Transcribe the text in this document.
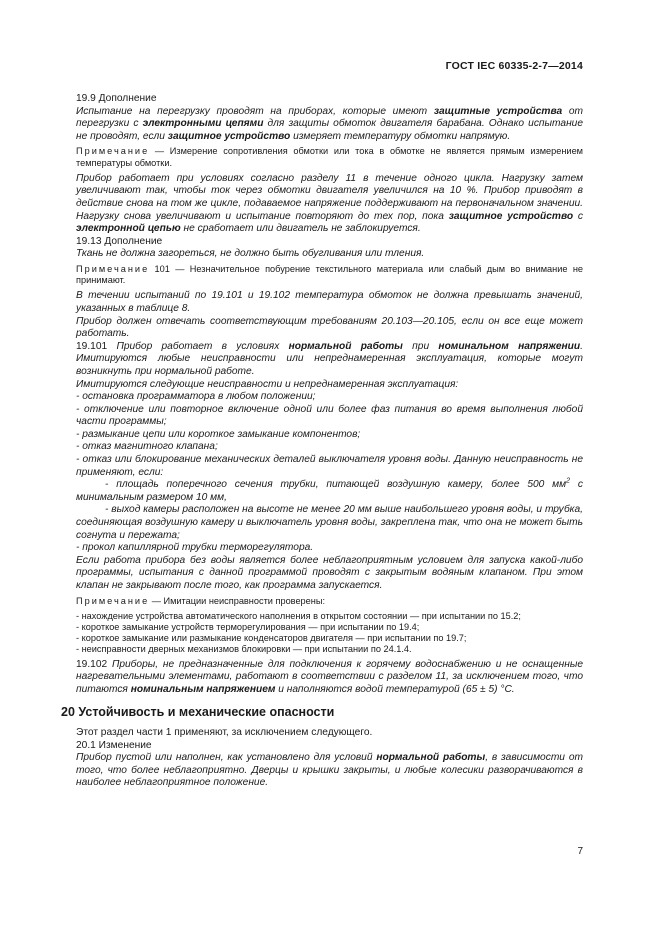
ГОСТ IEC 60335-2-7—2014

19.9 Дополнение

Испытание на перегрузку проводят на приборах, которые имеют защитные устройства от перегрузки с электронными цепями для защиты обмоток двигателя барабана. Однако испытание не проводят, если защитное устройство измеряет температуру обмотки напрямую.

Примечание — Измерение сопротивления обмотки или тока в обмотке не является прямым измерением температуры обмотки.

Прибор работает при условиях согласно разделу 11 в течение одного цикла. Нагрузку затем увеличивают так, чтобы ток через обмотки двигателя увеличился на 10 %. Прибор приводят в действие снова на том же цикле, подаваемое напряжение поддерживают на первоначальном значении. Нагрузку снова увеличивают и испытание повторяют до тех пор, пока защитное устройство с электронной цепью не сработает или двигатель не заблокируется.

19.13 Дополнение

Ткань не должна загореться, не должно быть обугливания или тления.

Примечание 101 — Незначительное побурение текстильного материала или слабый дым во внимание не принимают.

В течении испытаний по 19.101 и 19.102 температура обмоток не должна превышать значений, указанных в таблице 8.

Прибор должен отвечать соответствующим требованиям 20.103—20.105, если он все еще может работать.

19.101 Прибор работает в условиях нормальной работы при номинальном напряжении. Имитируются любые неисправности или непреднамеренная эксплуатация, которые могут возникнуть при нормальной работе.

Имитируются следующие неисправности и непреднамеренная эксплуатация:

- остановка программатора в любом положении;

- отключение или повторное включение одной или более фаз питания во время выполнения любой части программы;

- размыкание цепи или короткое замыкание компонентов;

- отказ магнитного клапана;

- отказ или блокирование механических деталей выключателя уровня воды. Данную неисправность не применяют, если:

- площадь поперечного сечения трубки, питающей воздушную камеру, более 500 $мм^2$ с минимальным размером 10 мм,

- выход камеры расположен на высоте не менее 20 мм выше наибольшего уровня воды, и трубка, соединяющая воздушную камеру и выключатель уровня воды, закреплена так, что она не может быть согнута и пережата;

- прокол капиллярной трубки терморегулятора.

Если работа прибора без воды является более неблагоприятным условием для запуска какой-либо программы, испытания с данной программой проводят с закрытым водяным клапаном. При этом клапан не закрывают после того, как программа запускается.

Примечание — Имитации неисправности проверены:

- нахождение устройства автоматического наполнения в открытом состоянии — при испытании по 15.2;

- короткое замыкание устройств терморегулирования — при испытании по 19.4;

- короткое замыкание или размыкание конденсаторов двигателя — при испытании по 19.7;

- неисправности дверных механизмов блокировки — при испытании по 24.1.4.

19.102 Приборы, не предназначенные для подключения к горячему водоснабжению и не оснащенные нагревательными элементами, работают в соответствии с разделом 11, за исключением того, что питаются номинальным напряжением и наполняются водой температурой (65 ± 5) °С.

20 Устойчивость и механические опасности

Этот раздел части 1 применяют, за исключением следующего.

20.1 Изменение

Прибор пустой или наполнен, как установлено для условий нормальной работы, в зависимости от того, что более неблагоприятно. Дверцы и крышки закрыты, и любые колесики разворачиваются в наиболее неблагоприятное положение.

7
